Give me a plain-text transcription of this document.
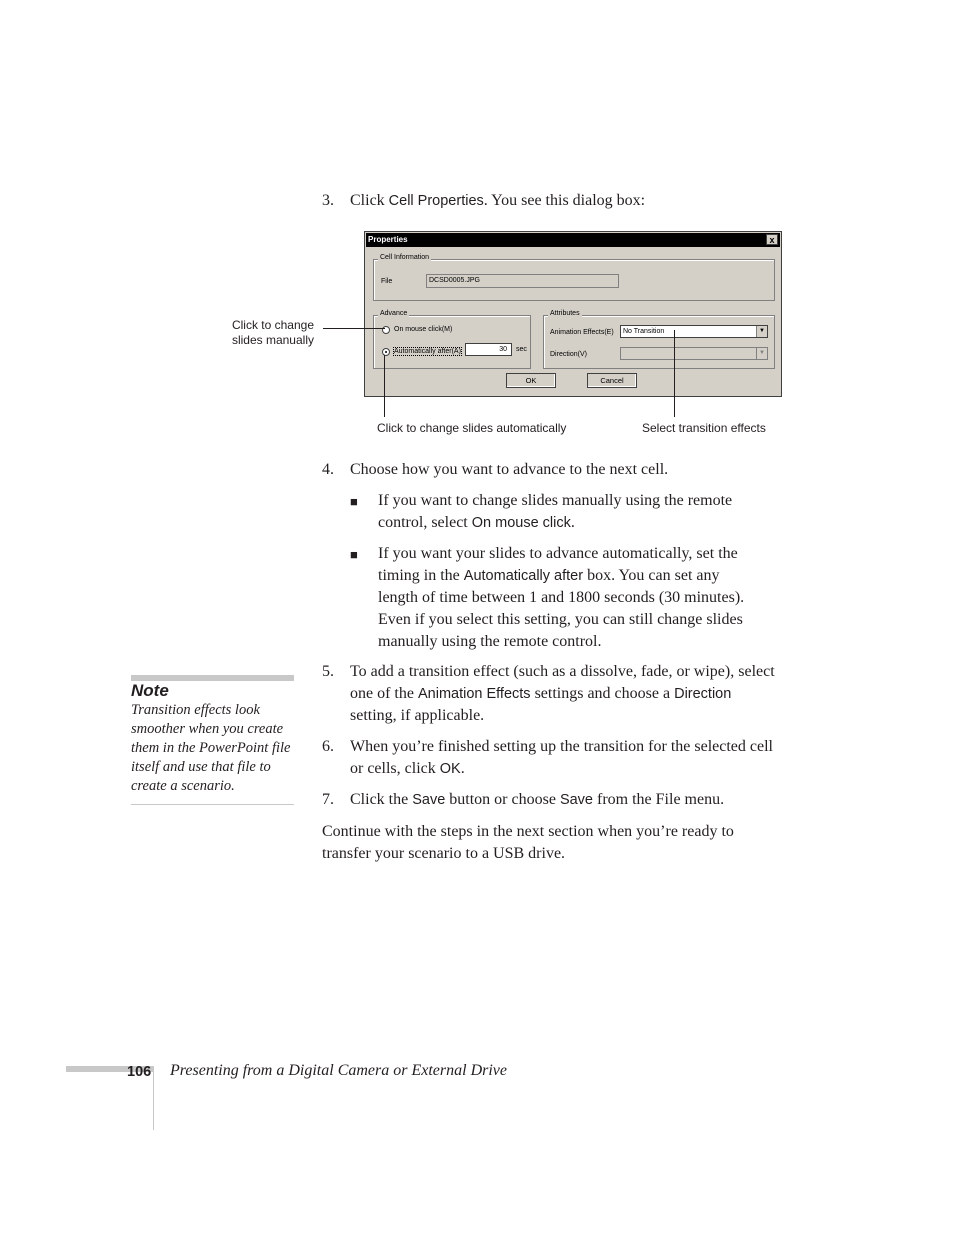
3.	Click Cell Properties. You see this dialog box:
Properties	x
Cell Information
File	DCSD0005.JPG
Advance
On mouse click(M)
Automatically after(A)	30	sec
Attributes
Animation Effects(E)	No Transition	▼
Direction(V)	▼
OK	Cancel
Click to change
slides manually
Click to change slides automatically	Select transition effects
4.	Choose how you want to advance to the next cell.
■ If you want to change slides manually using the remote
control, select On mouse click.
■ If you want your slides to advance automatically, set the
timing in the Automatically after box. You can set any
length of time between 1 and 1800 seconds (30 minutes).
Even if you select this setting, you can still change slides
manually using the remote control.
5.	To add a transition effect (such as a dissolve, fade, or wipe), select
one of the Animation Effects settings and choose a Direction
setting, if applicable.
6.	When you’re finished setting up the transition for the selected cell
or cells, click OK.
7.	Click the Save button or choose Save from the File menu.
Continue with the steps in the next section when you’re ready to
transfer your scenario to a USB drive.
Note
Transition effects look
smoother when you create
them in the PowerPoint file
itself and use that file to
create a scenario.
106 Presenting from a Digital Camera or External Drive
